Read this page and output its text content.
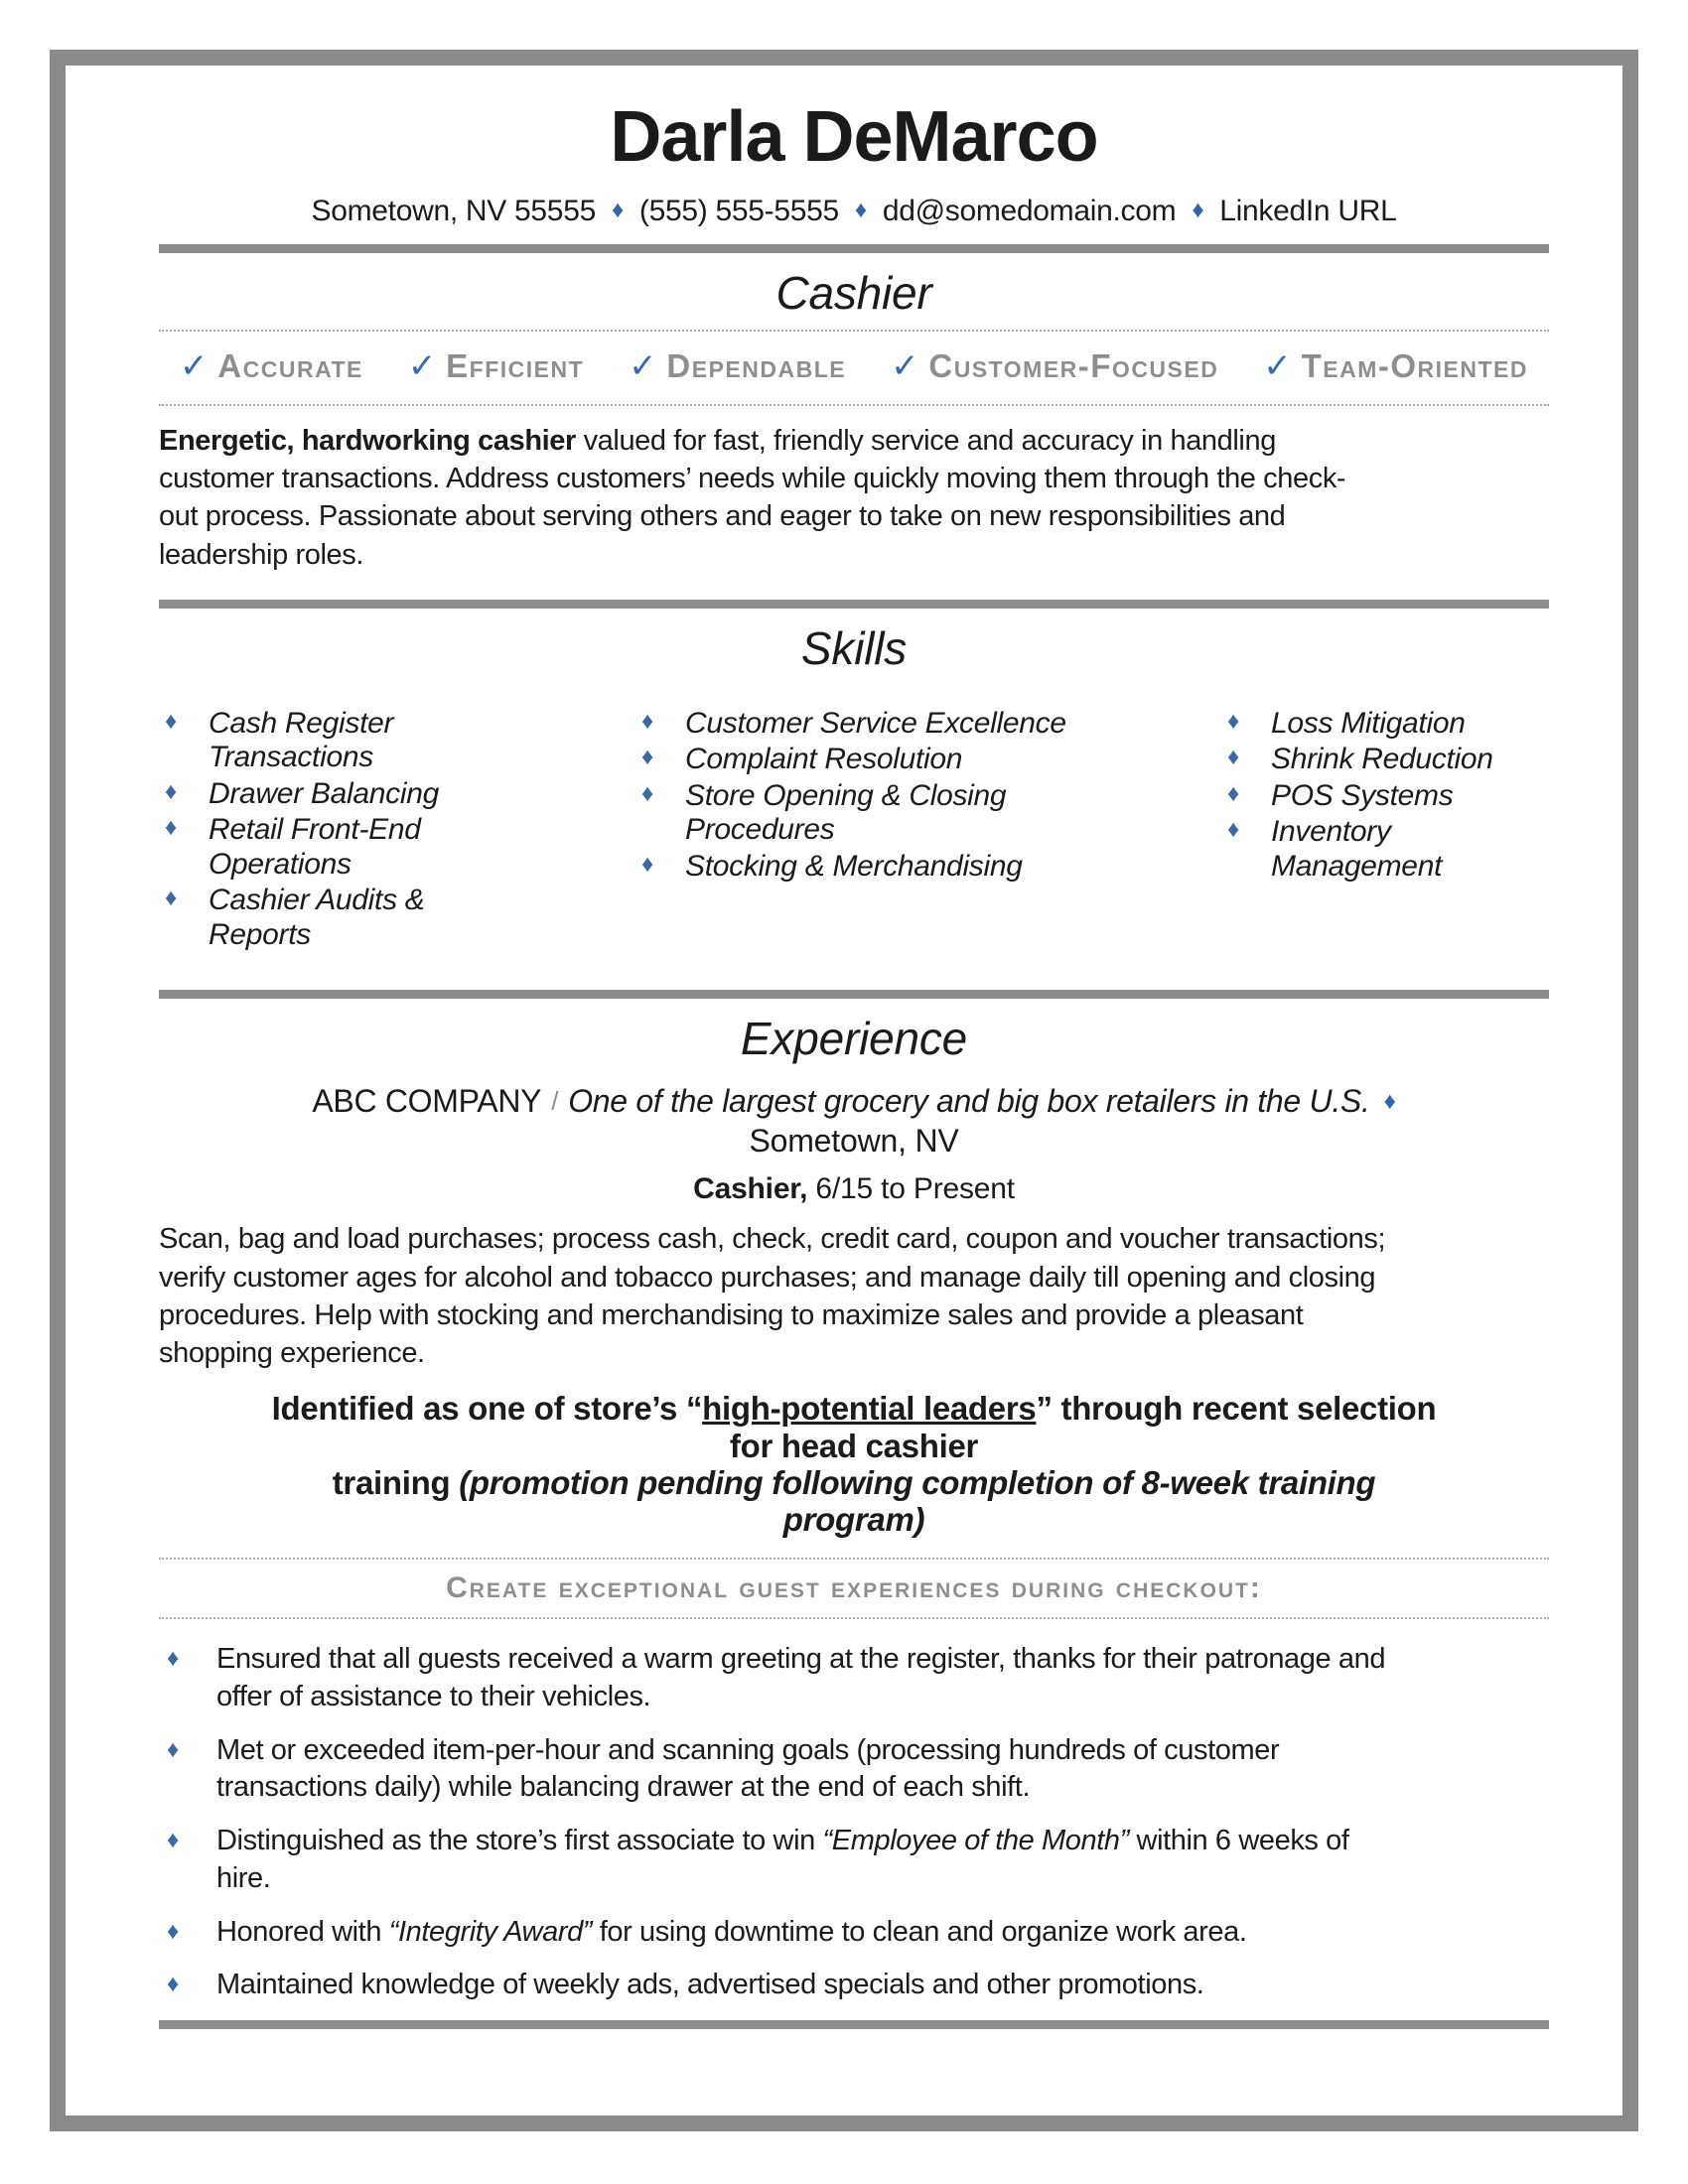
Darla DeMarco
Sometown, NV 55555 ♦ (555) 555-5555 ♦ dd@somedomain.com ♦ LinkedIn URL
Cashier
✓ Accurate ✓ Efficient ✓ Dependable ✓ Customer-Focused ✓ Team-Oriented

Energetic, hardworking cashier valued for fast, friendly service and accuracy in handling customer transactions. Address customers’ needs while quickly moving them through the check-out process. Passionate about serving others and eager to take on new responsibilities and leadership roles.

Skills
♦	Cash Register Transactions
♦	Drawer Balancing
♦	Retail Front-End Operations
♦	Cashier Audits & Reports
♦	Customer Service Excellence
♦	Complaint Resolution
♦	Store Opening & Closing Procedures
♦	Stocking & Merchandising
♦	Loss Mitigation
♦	Shrink Reduction
♦	POS Systems
♦	Inventory Management
Experience
ABC COMPANY / One of the largest grocery and big box retailers in the U.S. ♦ Sometown, NV
Cashier, 6/15 to Present

Scan, bag and load purchases; process cash, check, credit card, coupon and voucher transactions; verify customer ages for alcohol and tobacco purchases; and manage daily till opening and closing procedures. Help with stocking and merchandising to maximize sales and provide a pleasant shopping experience.

Identified as one of store’s “high-potential leaders” through recent selection for head cashier
training (promotion pending following completion of 8-week training program)

Create exceptional guest experiences during checkout:
♦	Ensured that all guests received a warm greeting at the register, thanks for their patronage and offer of assistance to their vehicles.
♦	Met or exceeded item-per-hour and scanning goals (processing hundreds of customer transactions daily) while balancing drawer at the end of each shift.
♦	Distinguished as the store’s first associate to win “Employee of the Month” within 6 weeks of hire.
♦	Honored with “Integrity Award” for using downtime to clean and organize work area.
♦	Maintained knowledge of weekly ads, advertised specials and other promotions.
